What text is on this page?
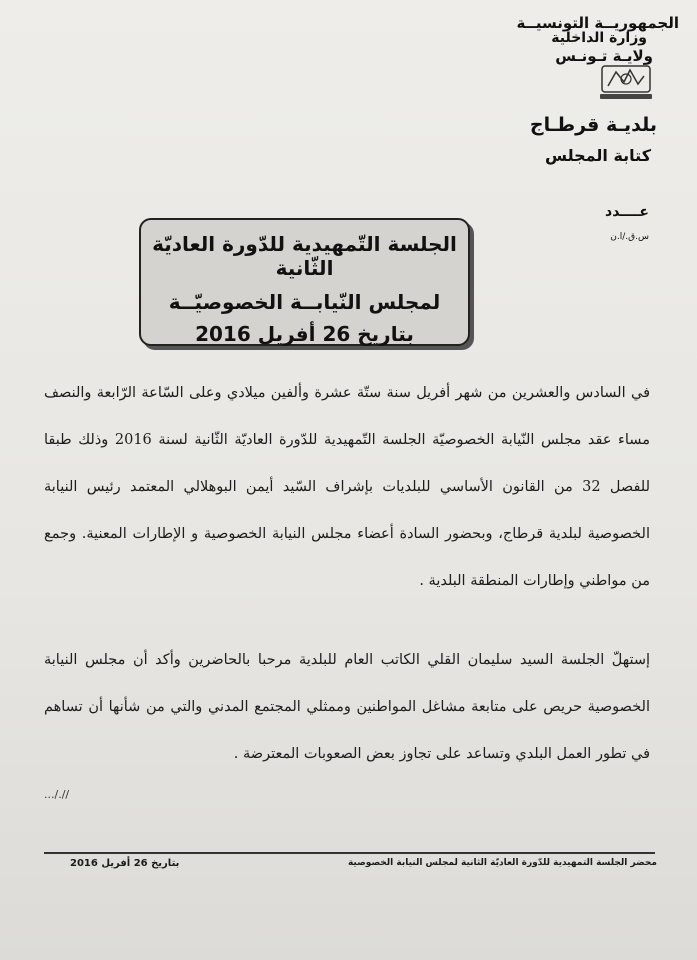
الجمهوريــة التونسيــة
وزارة الداخلية
ولايـة تـونـس
بلديـة قرطـاج
كتابة المجلس
عــــدد
س.ق./ا.ن
الجلسة التّمهيدية للدّورة العاديّة الثّانية
لمجلس النّيابــة الخصوصيّــة
بتاريخ 26 أفريل 2016
في السادس والعشرين من شهر أفريل سنة ستّة عشرة وألفين ميلادي وعلى السّاعة الرّابعة والنصف مساء عقد مجلس النّيابة الخصوصيّة الجلسة التّمهيدية للدّورة العاديّة الثّانية لسنة 2016 وذلك طبقا للفصل 32 من القانون الأساسي للبلديات بإشراف السّيد أيمن البوهلالي المعتمد رئيس النيابة الخصوصية لبلدية قرطاج، وبحضور السادة أعضاء مجلس النيابة الخصوصية و الإطارات المعنية. وجمع من مواطني وإطارات المنطقة البلدية .
إستهلّ الجلسة السيد سليمان القلي الكاتب العام للبلدية مرحبا بالحاضرين وأكد أن مجلس النيابة الخصوصية حريص على متابعة مشاغل المواطنين وممثلي المجتمع المدني والتي من شأنها أن تساهم في تطور العمل البلدي وتساعد على تجاوز بعض الصعوبات المعترضة .
..././/
بتاريخ 26 أفريل 2016	محضر الجلسة التمهيدية للدّورة العاديّة الثانية لمجلس النيابة الخصوصية
